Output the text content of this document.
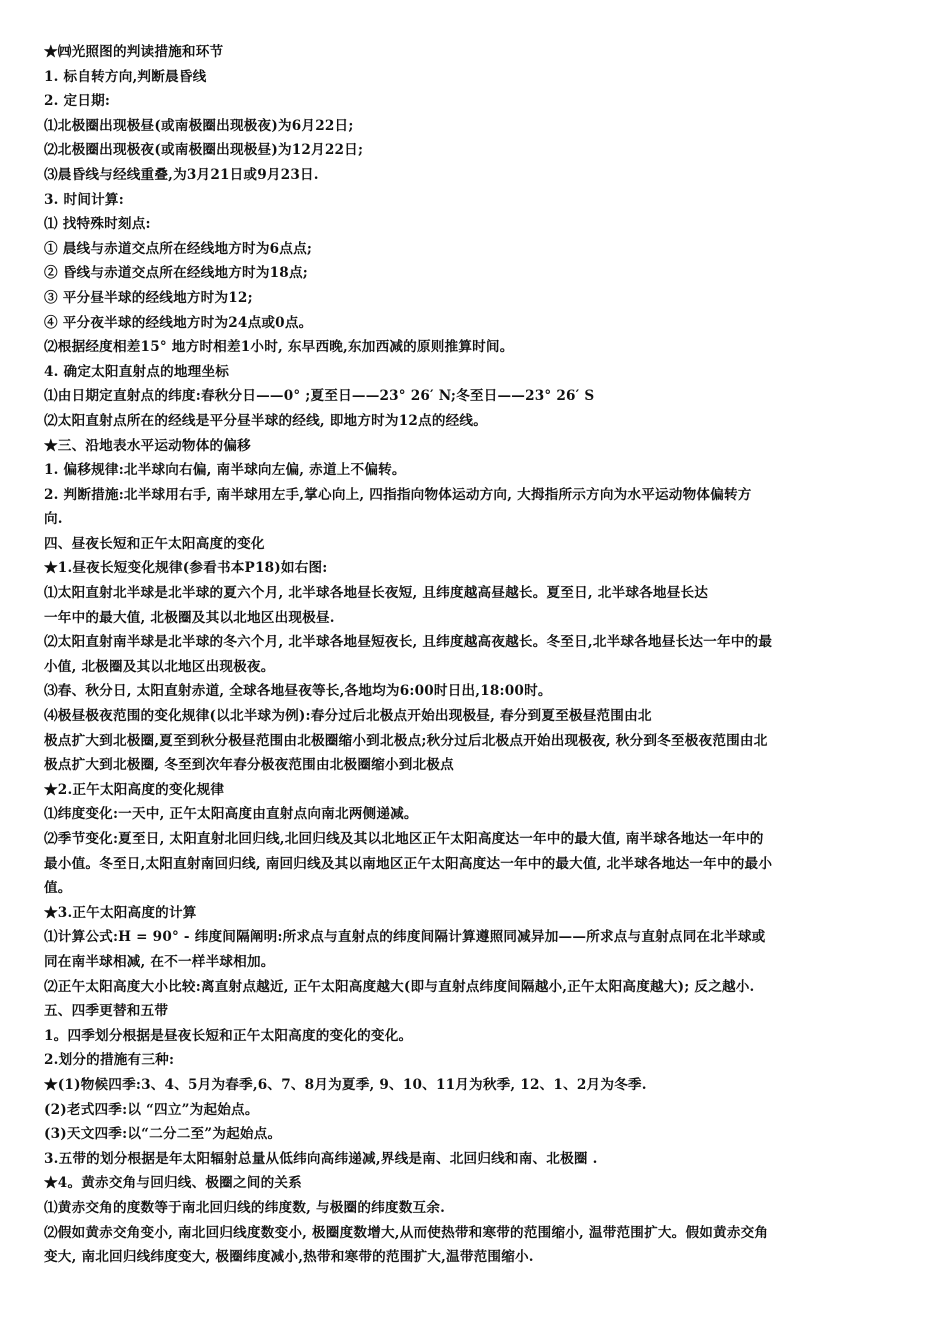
★㈣光照图的判读措施和环节
1. 标自转方向,判断晨昏线
2. 定日期:
⑴北极圈出现极昼(或南极圈出现极夜)为6月22日;
⑵北极圈出现极夜(或南极圈出现极昼)为12月22日;
⑶晨昏线与经线重叠,为3月21日或9月23日.
3. 时间计算:
⑴ 找特殊时刻点:
① 晨线与赤道交点所在经线地方时为6点点;
② 昏线与赤道交点所在经线地方时为18点;
③ 平分昼半球的经线地方时为12;
④ 平分夜半球的经线地方时为24点或0点。
⑵根据经度相差15° 地方时相差1小时, 东早西晚,东加西减的原则推算时间。
4. 确定太阳直射点的地理坐标
⑴由日期定直射点的纬度:春秋分日——0° ;夏至日——23° 26′ N;冬至日——23° 26′ S
⑵太阳直射点所在的经线是平分昼半球的经线, 即地方时为12点的经线。
★三、沿地表水平运动物体的偏移
1. 偏移规律:北半球向右偏, 南半球向左偏, 赤道上不偏转。
2. 判断措施:北半球用右手, 南半球用左手,掌心向上, 四指指向物体运动方向, 大拇指所示方向为水平运动物体偏转方
向.
四、昼夜长短和正午太阳高度的变化
★1.昼夜长短变化规律(参看书本P18)如右图:
⑴太阳直射北半球是北半球的夏六个月, 北半球各地昼长夜短, 且纬度越高昼越长。夏至日, 北半球各地昼长达
一年中的最大值, 北极圈及其以北地区出现极昼.
⑵太阳直射南半球是北半球的冬六个月, 北半球各地昼短夜长, 且纬度越高夜越长。冬至日,北半球各地昼长达一年中的最
小值, 北极圈及其以北地区出现极夜。
⑶春、秋分日, 太阳直射赤道, 全球各地昼夜等长,各地均为6:00时日出,18:00时。
⑷极昼极夜范围的变化规律(以北半球为例):春分过后北极点开始出现极昼, 春分到夏至极昼范围由北
极点扩大到北极圈,夏至到秋分极昼范围由北极圈缩小到北极点;秋分过后北极点开始出现极夜, 秋分到冬至极夜范围由北
极点扩大到北极圈, 冬至到次年春分极夜范围由北极圈缩小到北极点
★2.正午太阳高度的变化规律
⑴纬度变化:一天中, 正午太阳高度由直射点向南北两侧递减。
⑵季节变化:夏至日, 太阳直射北回归线,北回归线及其以北地区正午太阳高度达一年中的最大值, 南半球各地达一年中的
最小值。冬至日,太阳直射南回归线, 南回归线及其以南地区正午太阳高度达一年中的最大值, 北半球各地达一年中的最小
值。
★3.正午太阳高度的计算
⑴计算公式:H = 90° - 纬度间隔阐明:所求点与直射点的纬度间隔计算遵照同减异加——所求点与直射点同在北半球或
同在南半球相减, 在不一样半球相加。
⑵正午太阳高度大小比较:离直射点越近, 正午太阳高度越大(即与直射点纬度间隔越小,正午太阳高度越大); 反之越小.
五、四季更替和五带
1。四季划分根据是昼夜长短和正午太阳高度的变化的变化。
2.划分的措施有三种:
★(1)物候四季:3、4、5月为春季,6、7、8月为夏季, 9、10、11月为秋季, 12、1、2月为冬季.
(2)老式四季:以 “四立”为起始点。
(3)天文四季:以“二分二至”为起始点。
3.五带的划分根据是年太阳辐射总量从低纬向高纬递减,界线是南、北回归线和南、北极圈 .
★4。黄赤交角与回归线、极圈之间的关系
⑴黄赤交角的度数等于南北回归线的纬度数, 与极圈的纬度数互余.
⑵假如黄赤交角变小, 南北回归线度数变小, 极圈度数增大,从而使热带和寒带的范围缩小, 温带范围扩大。假如黄赤交角
变大, 南北回归线纬度变大, 极圈纬度减小,热带和寒带的范围扩大,温带范围缩小.
